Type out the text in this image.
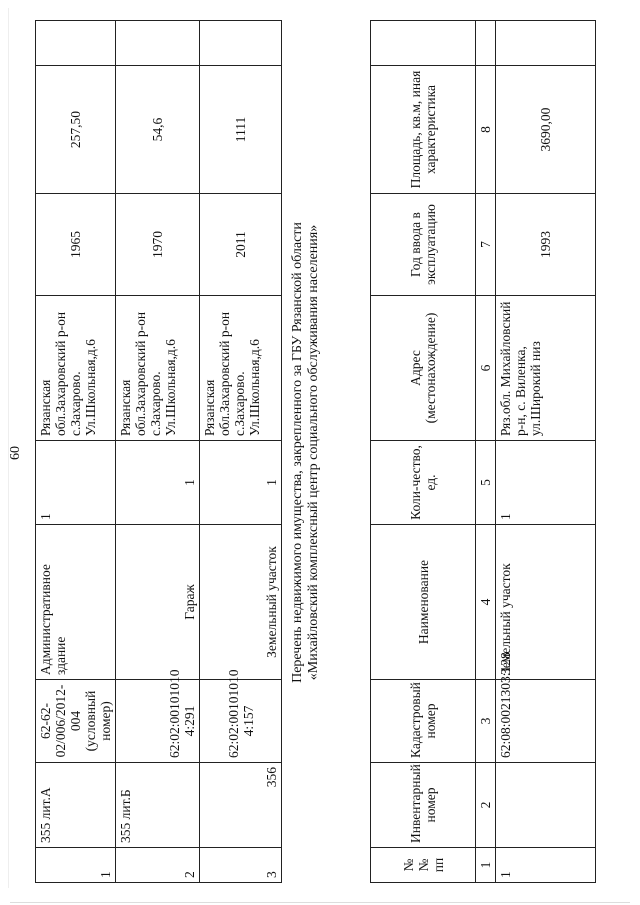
1	355 лит.А	62-62-02/006/2012-004 (условный номер)	Административное здание	1	Рязанская обл.Захаровский р-он с.Захарово. Ул.Школьная,д.6	1965	257,50	
2	355 лит.Б	62:02:00101010 4:291	Гараж	1	Рязанская обл.Захаровский р-он с.Захарово. Ул.Школьная,д.6	1970	54,6	
3	356	62:02:00101010 4:157	Земельный участок	1	Рязанская обл.Захаровский р-он с.Захарово. Ул.Школьная,д.6	2011	1111	
60	Перечень недвижимого имущества, закрепленного за ГБУ Рязанской области «Михайловский комплексный центр социального обслуживания населения»
№ № пп	Инвентарный номер	Кадастровый номер	Наименование	Коли-чество, ед.	Адрес (местонахождение)	Год ввода в эксплуатацию	Площадь, кв.м, иная характеристика	
1	2	3	4	5	6	7	8	
1		62:08:0021303:128	Земельный участок	1	Ряз.обл. Михайловский р-н, с. Виленка, ул.Широкий низ	1993	3690,00	
